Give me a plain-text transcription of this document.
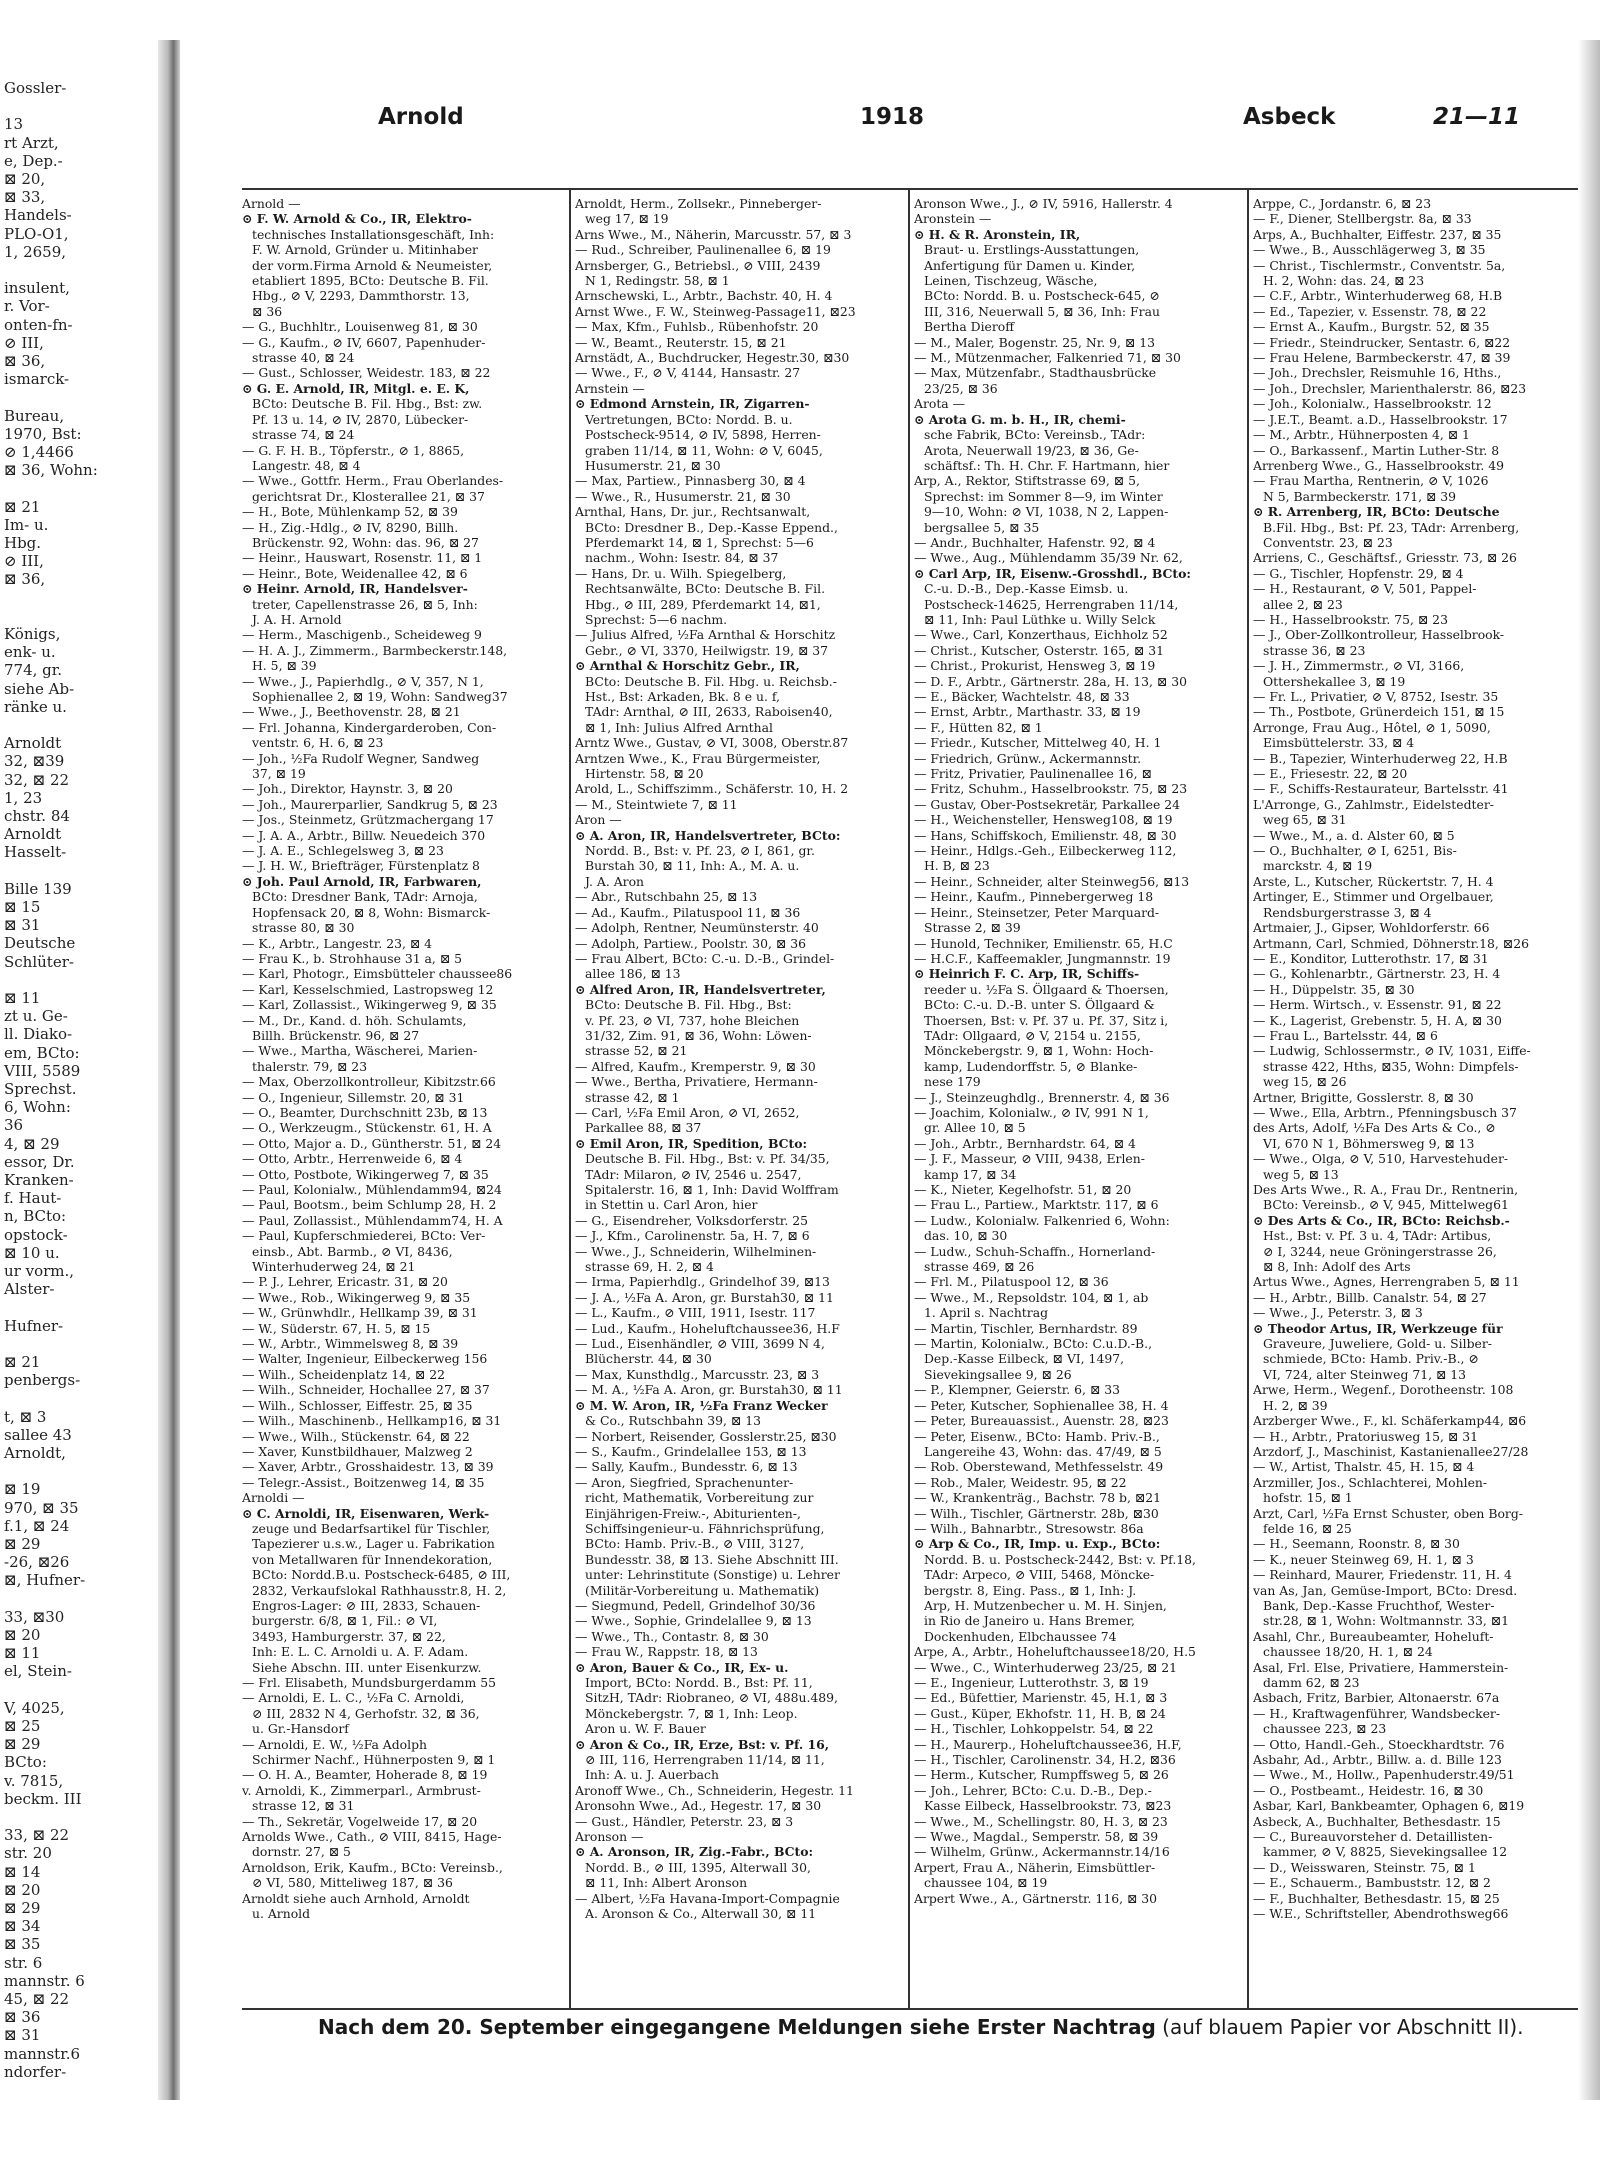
Gossler-
13
rt Arzt,
e, Dep.-
⊠ 20,
⊠ 33,
Handels-
PLO-O1,
1, 2659,
insulent,
r. Vor-
onten-fn-
⊘ III,
⊠ 36,
ismarck-
Bureau,
1970, Bst:
⊘ 1,4466
⊠ 36, Wohn:
⊠ 21
Im- u.
Hbg.
⊘ III,
⊠ 36,
Königs,
enk- u.
774, gr.
siehe Ab-
ränke u.
Arnoldt
32, ⊠39
32, ⊠ 22
1, 23
chstr. 84
Arnoldt
Hasselt-
Bille 139
⊠ 15
⊠ 31
Deutsche
Schlüter-
⊠ 11
zt u. Ge-
ll. Diako-
em, BCto:
VIII, 5589
Sprechst.
6, Wohn:
36
4, ⊠ 29
essor, Dr.
Kranken-
f. Haut-
n, BCto:
opstock-
⊠ 10 u.
ur vorm.,
Alster-
Hufner-
⊠ 21
penbergs-
t, ⊠ 3
sallee 43
Arnoldt,
⊠ 19
970, ⊠ 35
f.1, ⊠ 24
⊠ 29
-26, ⊠26
⊠, Hufner-
33, ⊠30
⊠ 20
⊠ 11
el, Stein-
V, 4025,
⊠ 25
⊠ 29
BCto:
v. 7815,
beckm. III
33, ⊠ 22
str. 20
⊠ 14
⊠ 20
⊠ 29
⊠ 34
⊠ 35
str. 6
mannstr. 6
45, ⊠ 22
⊠ 36
⊠ 31
mannstr.6
ndorfer-
Arnold	1918	Asbeck	21—11
Arnold —
⊙ F. W. Arnold & Co., IR, Elektro-
technisches Installationsgeschäft, Inh:
F. W. Arnold, Gründer u. Mitinhaber
der vorm.Firma Arnold & Neumeister,
etabliert 1895, BCto: Deutsche B. Fil.
Hbg., ⊘ V, 2293, Dammthorstr. 13,
⊠ 36
— G., Buchhltr., Louisenweg 81, ⊠ 30
— G., Kaufm., ⊘ IV, 6607, Papenhuder-
strasse 40, ⊠ 24
— Gust., Schlosser, Weidestr. 183, ⊠ 22
⊙ G. E. Arnold, IR, Mitgl. e. E. K,
BCto: Deutsche B. Fil. Hbg., Bst: zw.
Pf. 13 u. 14, ⊘ IV, 2870, Lübecker-
strasse 74, ⊠ 24
— G. F. H. B., Töpferstr., ⊘ 1, 8865,
Langestr. 48, ⊠ 4
— Wwe., Gottfr. Herm., Frau Oberlandes-
gerichtsrat Dr., Klosterallee 21, ⊠ 37
— H., Bote, Mühlenkamp 52, ⊠ 39
— H., Zig.-Hdlg., ⊘ IV, 8290, Billh.
Brückenstr. 92, Wohn: das. 96, ⊠ 27
— Heinr., Hauswart, Rosenstr. 11, ⊠ 1
— Heinr., Bote, Weidenallee 42, ⊠ 6
⊙ Heinr. Arnold, IR, Handelsver-
treter, Capellenstrasse 26, ⊠ 5, Inh:
J. A. H. Arnold
— Herm., Maschigenb., Scheideweg 9
— H. A. J., Zimmerm., Barmbeckerstr.148,
H. 5, ⊠ 39
— Wwe., J., Papierhdlg., ⊘ V, 357, N 1,
Sophienallee 2, ⊠ 19, Wohn: Sandweg37
— Wwe., J., Beethovenstr. 28, ⊠ 21
— Frl. Johanna, Kindergarderoben, Con-
ventstr. 6, H. 6, ⊠ 23
— Joh., ½Fa Rudolf Wegner, Sandweg
37, ⊠ 19
— Joh., Direktor, Haynstr. 3, ⊠ 20
— Joh., Maurerparlier, Sandkrug 5, ⊠ 23
— Jos., Steinmetz, Grützmachergang 17
— J. A. A., Arbtr., Billw. Neuedeich 370
— J. A. E., Schlegelsweg 3, ⊠ 23
— J. H. W., Briefträger, Fürstenplatz 8
⊙ Joh. Paul Arnold, IR, Farbwaren,
BCto: Dresdner Bank, TAdr: Arnoja,
Hopfensack 20, ⊠ 8, Wohn: Bismarck-
strasse 80, ⊠ 30
— K., Arbtr., Langestr. 23, ⊠ 4
— Frau K., b. Strohhause 31 a, ⊠ 5
— Karl, Photogr., Eimsbütteler chaussee86
— Karl, Kesselschmied, Lastropsweg 12
— Karl, Zollassist., Wikingerweg 9, ⊠ 35
— M., Dr., Kand. d. höh. Schulamts,
Billh. Brückenstr. 96, ⊠ 27
— Wwe., Martha, Wäscherei, Marien-
thalerstr. 79, ⊠ 23
— Max, Oberzollkontrolleur, Kibitzstr.66
— O., Ingenieur, Sillemstr. 20, ⊠ 31
— O., Beamter, Durchschnitt 23b, ⊠ 13
— O., Werkzeugm., Stückenstr. 61, H. A
— Otto, Major a. D., Güntherstr. 51, ⊠ 24
— Otto, Arbtr., Herrenweide 6, ⊠ 4
— Otto, Postbote, Wikingerweg 7, ⊠ 35
— Paul, Kolonialw., Mühlendamm94, ⊠24
— Paul, Bootsm., beim Schlump 28, H. 2
— Paul, Zollassist., Mühlendamm74, H. A
— Paul, Kupferschmiederei, BCto: Ver-
einsb., Abt. Barmb., ⊘ VI, 8436,
Winterhuderweg 24, ⊠ 21
— P. J., Lehrer, Ericastr. 31, ⊠ 20
— Wwe., Rob., Wikingerweg 9, ⊠ 35
— W., Grünwhdlr., Hellkamp 39, ⊠ 31
— W., Süderstr. 67, H. 5, ⊠ 15
— W., Arbtr., Wimmelsweg 8, ⊠ 39
— Walter, Ingenieur, Eilbeckerweg 156
— Wilh., Scheidenplatz 14, ⊠ 22
— Wilh., Schneider, Hochallee 27, ⊠ 37
— Wilh., Schlosser, Eiffestr. 25, ⊠ 35
— Wilh., Maschinenb., Hellkamp16, ⊠ 31
— Wwe., Wilh., Stückenstr. 64, ⊠ 22
— Xaver, Kunstbildhauer, Malzweg 2
— Xaver, Arbtr., Grosshaidestr. 13, ⊠ 39
— Telegr.-Assist., Boitzenweg 14, ⊠ 35
Arnoldi —
⊙ C. Arnoldi, IR, Eisenwaren, Werk-
zeuge und Bedarfsartikel für Tischler,
Tapezierer u.s.w., Lager u. Fabrikation
von Metallwaren für Innendekoration,
BCto: Nordd.B.u. Postscheck-6485, ⊘ III,
2832, Verkaufslokal Rathhausstr.8, H. 2,
Engros-Lager: ⊘ III, 2833, Schauen-
burgerstr. 6/8, ⊠ 1, Fil.: ⊘ VI,
3493, Hamburgerstr. 37, ⊠ 22,
Inh: E. L. C. Arnoldi u. A. F. Adam.
Siehe Abschn. III. unter Eisenkurzw.
— Frl. Elisabeth, Mundsburgerdamm 55
— Arnoldi, E. L. C., ½Fa C. Arnoldi,
⊘ III, 2832 N 4, Gerhofstr. 32, ⊠ 36,
u. Gr.-Hansdorf
— Arnoldi, E. W., ½Fa Adolph
Schirmer Nachf., Hühnerposten 9, ⊠ 1
— O. H. A., Beamter, Hoherade 8, ⊠ 19
v. Arnoldi, K., Zimmerparl., Armbrust-
strasse 12, ⊠ 31
— Th., Sekretär, Vogelweide 17, ⊠ 20
Arnolds Wwe., Cath., ⊘ VIII, 8415, Hage-
dornstr. 27, ⊠ 5
Arnoldson, Erik, Kaufm., BCto: Vereinsb.,
⊘ VI, 580, Mitteliweg 187, ⊠ 36
Arnoldt siehe auch Arnhold, Arnoldt
u. Arnold
Arnoldt, Herm., Zollsekr., Pinneberger-
weg 17, ⊠ 19
Arns Wwe., M., Näherin, Marcusstr. 57, ⊠ 3
— Rud., Schreiber, Paulinenallee 6, ⊠ 19
Arnsberger, G., Betriebsl., ⊘ VIII, 2439
N 1, Redingstr. 58, ⊠ 1
Arnschewski, L., Arbtr., Bachstr. 40, H. 4
Arnst Wwe., F. W., Steinweg-Passage11, ⊠23
— Max, Kfm., Fuhlsb., Rübenhofstr. 20
— W., Beamt., Reuterstr. 15, ⊠ 21
Arnstädt, A., Buchdrucker, Hegestr.30, ⊠30
— Wwe., F., ⊘ V, 4144, Hansastr. 27
Arnstein —
⊙ Edmond Arnstein, IR, Zigarren-
Vertretungen, BCto: Nordd. B. u.
Postscheck-9514, ⊘ IV, 5898, Herren-
graben 11/14, ⊠ 11, Wohn: ⊘ V, 6045,
Husumerstr. 21, ⊠ 30
— Max, Partiew., Pinnasberg 30, ⊠ 4
— Wwe., R., Husumerstr. 21, ⊠ 30
Arnthal, Hans, Dr. jur., Rechtsanwalt,
BCto: Dresdner B., Dep.-Kasse Eppend.,
Pferdemarkt 14, ⊠ 1, Sprechst: 5—6
nachm., Wohn: Isestr. 84, ⊠ 37
— Hans, Dr. u. Wilh. Spiegelberg,
Rechtsanwälte, BCto: Deutsche B. Fil.
Hbg., ⊘ III, 289, Pferdemarkt 14, ⊠1,
Sprechst: 5—6 nachm.
— Julius Alfred, ½Fa Arnthal & Horschitz
Gebr., ⊘ VI, 3370, Heilwigstr. 19, ⊠ 37
⊙ Arnthal & Horschitz Gebr., IR,
BCto: Deutsche B. Fil. Hbg. u. Reichsb.-
Hst., Bst: Arkaden, Bk. 8 e u. f,
TAdr: Arnthal, ⊘ III, 2633, Raboisen40,
⊠ 1, Inh: Julius Alfred Arnthal
Arntz Wwe., Gustav, ⊘ VI, 3008, Oberstr.87
Arntzen Wwe., K., Frau Bürgermeister,
Hirtenstr. 58, ⊠ 20
Arold, L., Schiffszimm., Schäferstr. 10, H. 2
— M., Steintwiete 7, ⊠ 11
Aron —
⊙ A. Aron, IR, Handelsvertreter, BCto:
Nordd. B., Bst: v. Pf. 23, ⊘ I, 861, gr.
Burstah 30, ⊠ 11, Inh: A., M. A. u.
J. A. Aron
— Abr., Rutschbahn 25, ⊠ 13
— Ad., Kaufm., Pilatuspool 11, ⊠ 36
— Adolph, Rentner, Neumünsterstr. 40
— Adolph, Partiew., Poolstr. 30, ⊠ 36
— Frau Albert, BCto: C.-u. D.-B., Grindel-
allee 186, ⊠ 13
⊙ Alfred Aron, IR, Handelsvertreter,
BCto: Deutsche B. Fil. Hbg., Bst:
v. Pf. 23, ⊘ VI, 737, hohe Bleichen
31/32, Zim. 91, ⊠ 36, Wohn: Löwen-
strasse 52, ⊠ 21
— Alfred, Kaufm., Kremperstr. 9, ⊠ 30
— Wwe., Bertha, Privatiere, Hermann-
strasse 42, ⊠ 1
— Carl, ½Fa Emil Aron, ⊘ VI, 2652,
Parkallee 88, ⊠ 37
⊙ Emil Aron, IR, Spedition, BCto:
Deutsche B. Fil. Hbg., Bst: v. Pf. 34/35,
TAdr: Milaron, ⊘ IV, 2546 u. 2547,
Spitalerstr. 16, ⊠ 1, Inh: David Wolffram
in Stettin u. Carl Aron, hier
— G., Eisendreher, Volksdorferstr. 25
— J., Kfm., Carolinenstr. 5a, H. 7, ⊠ 6
— Wwe., J., Schneiderin, Wilhelminen-
strasse 69, H. 2, ⊠ 4
— Irma, Papierhdlg., Grindelhof 39, ⊠13
— J. A., ½Fa A. Aron, gr. Burstah30, ⊠ 11
— L., Kaufm., ⊘ VIII, 1911, Isestr. 117
— Lud., Kaufm., Hoheluftchaussee36, H.F
— Lud., Eisenhändler, ⊘ VIII, 3699 N 4,
Blücherstr. 44, ⊠ 30
— Max, Kunsthdlg., Marcusstr. 23, ⊠ 3
— M. A., ½Fa A. Aron, gr. Burstah30, ⊠ 11
⊙ M. W. Aron, IR, ½Fa Franz Wecker
& Co., Rutschbahn 39, ⊠ 13
— Norbert, Reisender, Gosslerstr.25, ⊠30
— S., Kaufm., Grindelallee 153, ⊠ 13
— Sally, Kaufm., Bundesstr. 6, ⊠ 13
— Aron, Siegfried, Sprachenunter-
richt, Mathematik, Vorbereitung zur
Einjährigen-Freiw.-, Abiturienten-,
Schiffsingenieur-u. Fähnrichsprüfung,
BCto: Hamb. Priv.-B., ⊘ VIII, 3127,
Bundesstr. 38, ⊠ 13. Siehe Abschnitt III.
unter: Lehrinstitute (Sonstige) u. Lehrer
(Militär-Vorbereitung u. Mathematik)
— Siegmund, Pedell, Grindelhof 30/36
— Wwe., Sophie, Grindelallee 9, ⊠ 13
— Wwe., Th., Contastr. 8, ⊠ 30
— Frau W., Rappstr. 18, ⊠ 13
⊙ Aron, Bauer & Co., IR, Ex- u.
Import, BCto: Nordd. B., Bst: Pf. 11,
SitzH, TAdr: Riobraneo, ⊘ VI, 488u.489,
Mönckebergstr. 7, ⊠ 1, Inh: Leop.
Aron u. W. F. Bauer
⊙ Aron & Co., IR, Erze, Bst: v. Pf. 16,
⊘ III, 116, Herrengraben 11/14, ⊠ 11,
Inh: A. u. J. Auerbach
Aronoff Wwe., Ch., Schneiderin, Hegestr. 11
Aronsohn Wwe., Ad., Hegestr. 17, ⊠ 30
— Gust., Händler, Peterstr. 23, ⊠ 3
Aronson —
⊙ A. Aronson, IR, Zig.-Fabr., BCto:
Nordd. B., ⊘ III, 1395, Alterwall 30,
⊠ 11, Inh: Albert Aronson
— Albert, ½Fa Havana-Import-Compagnie
A. Aronson & Co., Alterwall 30, ⊠ 11
Aronson Wwe., J., ⊘ IV, 5916, Hallerstr. 4
Aronstein —
⊙ H. & R. Aronstein, IR,
Braut- u. Erstlings-Ausstattungen,
Anfertigung für Damen u. Kinder,
Leinen, Tischzeug, Wäsche,
BCto: Nordd. B. u. Postscheck-645, ⊘
III, 316, Neuerwall 5, ⊠ 36, Inh: Frau
Bertha Dieroff
— M., Maler, Bogenstr. 25, Nr. 9, ⊠ 13
— M., Mützenmacher, Falkenried 71, ⊠ 30
— Max, Mützenfabr., Stadthausbrücke
23/25, ⊠ 36
Arota —
⊙ Arota G. m. b. H., IR, chemi-
sche Fabrik, BCto: Vereinsb., TAdr:
Arota, Neuerwall 19/23, ⊠ 36, Ge-
schäftsf.: Th. H. Chr. F. Hartmann, hier
Arp, A., Rektor, Stiftstrasse 69, ⊠ 5,
Sprechst: im Sommer 8—9, im Winter
9—10, Wohn: ⊘ VI, 1038, N 2, Lappen-
bergsallee 5, ⊠ 35
— Andr., Buchhalter, Hafenstr. 92, ⊠ 4
— Wwe., Aug., Mühlendamm 35/39 Nr. 62,
⊙ Carl Arp, IR, Eisenw.-Grosshdl., BCto:
C.-u. D.-B., Dep.-Kasse Eimsb. u.
Postscheck-14625, Herrengraben 11/14,
⊠ 11, Inh: Paul Lüthke u. Willy Selck
— Wwe., Carl, Konzerthaus, Eichholz 52
— Christ., Kutscher, Osterstr. 165, ⊠ 31
— Christ., Prokurist, Hensweg 3, ⊠ 19
— D. F., Arbtr., Gärtnerstr. 28a, H. 13, ⊠ 30
— E., Bäcker, Wachtelstr. 48, ⊠ 33
— Ernst, Arbtr., Marthastr. 33, ⊠ 19
— F., Hütten 82, ⊠ 1
— Friedr., Kutscher, Mittelweg 40, H. 1
— Friedrich, Grünw., Ackermannstr.
— Fritz, Privatier, Paulinenallee 16, ⊠
— Fritz, Schuhm., Hasselbrookstr. 75, ⊠ 23
— Gustav, Ober-Postsekretär, Parkallee 24
— H., Weichensteller, Hensweg108, ⊠ 19
— Hans, Schiffskoch, Emilienstr. 48, ⊠ 30
— Heinr., Hdlgs.-Geh., Eilbeckerweg 112,
H. B, ⊠ 23
— Heinr., Schneider, alter Steinweg56, ⊠13
— Heinr., Kaufm., Pinnebergerweg 18
— Heinr., Steinsetzer, Peter Marquard-
Strasse 2, ⊠ 39
— Hunold, Techniker, Emilienstr. 65, H.C
— H.C.F., Kaffeemakler, Jungmannstr. 19
⊙ Heinrich F. C. Arp, IR, Schiffs-
reeder u. ½Fa S. Öllgaard & Thoersen,
BCto: C.-u. D.-B. unter S. Öllgaard &
Thoersen, Bst: v. Pf. 37 u. Pf. 37, Sitz i,
TAdr: Ollgaard, ⊘ V, 2154 u. 2155,
Mönckebergstr. 9, ⊠ 1, Wohn: Hoch-
kamp, Ludendorffstr. 5, ⊘ Blanke-
nese 179
— J., Steinzeughdlg., Brennerstr. 4, ⊠ 36
— Joachim, Kolonialw., ⊘ IV, 991 N 1,
gr. Allee 10, ⊠ 5
— Joh., Arbtr., Bernhardstr. 64, ⊠ 4
— J. F., Masseur, ⊘ VIII, 9438, Erlen-
kamp 17, ⊠ 34
— K., Nieter, Kegelhofstr. 51, ⊠ 20
— Frau L., Partiew., Marktstr. 117, ⊠ 6
— Ludw., Kolonialw. Falkenried 6, Wohn:
das. 10, ⊠ 30
— Ludw., Schuh-Schaffn., Hornerland-
strasse 469, ⊠ 26
— Frl. M., Pilatuspool 12, ⊠ 36
— Wwe., M., Repsoldstr. 104, ⊠ 1, ab
1. April s. Nachtrag
— Martin, Tischler, Bernhardstr. 89
— Martin, Kolonialw., BCto: C.u.D.-B.,
Dep.-Kasse Eilbeck, ⊠ VI, 1497,
Sievekingsallee 9, ⊠ 26
— P., Klempner, Geierstr. 6, ⊠ 33
— Peter, Kutscher, Sophienallee 38, H. 4
— Peter, Bureauassist., Auenstr. 28, ⊠23
— Peter, Eisenw., BCto: Hamb. Priv.-B.,
Langereihe 43, Wohn: das. 47/49, ⊠ 5
— Rob. Oberstewand, Methfesselstr. 49
— Rob., Maler, Weidestr. 95, ⊠ 22
— W., Krankenträg., Bachstr. 78 b, ⊠21
— Wilh., Tischler, Gärtnerstr. 28b, ⊠30
— Wilh., Bahnarbtr., Stresowstr. 86a
⊙ Arp & Co., IR, Imp. u. Exp., BCto:
Nordd. B. u. Postscheck-2442, Bst: v. Pf.18,
TAdr: Arpeco, ⊘ VIII, 5468, Möncke-
bergstr. 8, Eing. Pass., ⊠ 1, Inh: J.
Arp, H. Mutzenbecher u. M. H. Sinjen,
in Rio de Janeiro u. Hans Bremer,
Dockenhuden, Elbchaussee 74
Arpe, A., Arbtr., Hoheluftchaussee18/20, H.5
— Wwe., C., Winterhuderweg 23/25, ⊠ 21
— E., Ingenieur, Lutterothstr. 3, ⊠ 19
— Ed., Büfettier, Marienstr. 45, H.1, ⊠ 3
— Gust., Küper, Ekhofstr. 11, H. B, ⊠ 24
— H., Tischler, Lohkoppelstr. 54, ⊠ 22
— H., Maurerp., Hoheluftchaussee36, H.F,
— H., Tischler, Carolinenstr. 34, H.2, ⊠36
— Herm., Kutscher, Rumpffsweg 5, ⊠ 26
— Joh., Lehrer, BCto: C.u. D.-B., Dep.-
Kasse Eilbeck, Hasselbrookstr. 73, ⊠23
— Wwe., M., Schellingstr. 80, H. 3, ⊠ 23
— Wwe., Magdal., Semperstr. 58, ⊠ 39
— Wilhelm, Grünw., Ackermannstr.14/16
Arpert, Frau A., Näherin, Eimsbüttler-
chaussee 104, ⊠ 19
Arpert Wwe., A., Gärtnerstr. 116, ⊠ 30
Arppe, C., Jordanstr. 6, ⊠ 23
— F., Diener, Stellbergstr. 8a, ⊠ 33
Arps, A., Buchhalter, Eiffestr. 237, ⊠ 35
— Wwe., B., Ausschlägerweg 3, ⊠ 35
— Christ., Tischlermstr., Conventstr. 5a,
H. 2, Wohn: das. 24, ⊠ 23
— C.F., Arbtr., Winterhuderweg 68, H.B
— Ed., Tapezier, v. Essenstr. 78, ⊠ 22
— Ernst A., Kaufm., Burgstr. 52, ⊠ 35
— Friedr., Steindrucker, Sentastr. 6, ⊠22
— Frau Helene, Barmbeckerstr. 47, ⊠ 39
— Joh., Drechsler, Reismuhle 16, Hths.,
— Joh., Drechsler, Marienthalerstr. 86, ⊠23
— Joh., Kolonialw., Hasselbrookstr. 12
— J.E.T., Beamt. a.D., Hasselbrookstr. 17
— M., Arbtr., Hühnerposten 4, ⊠ 1
— O., Barkassenf., Martin Luther-Str. 8
Arrenberg Wwe., G., Hasselbrookstr. 49
— Frau Martha, Rentnerin, ⊘ V, 1026
N 5, Barmbeckerstr. 171, ⊠ 39
⊙ R. Arrenberg, IR, BCto: Deutsche
B.Fil. Hbg., Bst: Pf. 23, TAdr: Arrenberg,
Conventstr. 23, ⊠ 23
Arriens, C., Geschäftsf., Griesstr. 73, ⊠ 26
— G., Tischler, Hopfenstr. 29, ⊠ 4
— H., Restaurant, ⊘ V, 501, Pappel-
allee 2, ⊠ 23
— H., Hasselbrookstr. 75, ⊠ 23
— J., Ober-Zollkontrolleur, Hasselbrook-
strasse 36, ⊠ 23
— J. H., Zimmermstr., ⊘ VI, 3166,
Ottershekallee 3, ⊠ 19
— Fr. L., Privatier, ⊘ V, 8752, Isestr. 35
— Th., Postbote, Grünerdeich 151, ⊠ 15
Arronge, Frau Aug., Hôtel, ⊘ 1, 5090,
Eimsbüttelerstr. 33, ⊠ 4
— B., Tapezier, Winterhuderweg 22, H.B
— E., Friesestr. 22, ⊠ 20
— F., Schiffs-Restaurateur, Bartelsstr. 41
L'Arronge, G., Zahlmstr., Eidelstedter-
weg 65, ⊠ 31
— Wwe., M., a. d. Alster 60, ⊠ 5
— O., Buchhalter, ⊘ I, 6251, Bis-
marckstr. 4, ⊠ 19
Arste, L., Kutscher, Rückertstr. 7, H. 4
Artinger, E., Stimmer und Orgelbauer,
Rendsburgerstrasse 3, ⊠ 4
Artmaier, J., Gipser, Wohldorferstr. 66
Artmann, Carl, Schmied, Döhnerstr.18, ⊠26
— E., Konditor, Lutterothstr. 17, ⊠ 31
— G., Kohlenarbtr., Gärtnerstr. 23, H. 4
— H., Düppelstr. 35, ⊠ 30
— Herm. Wirtsch., v. Essenstr. 91, ⊠ 22
— K., Lagerist, Grebenstr. 5, H. A, ⊠ 30
— Frau L., Bartelsstr. 44, ⊠ 6
— Ludwig, Schlossermstr., ⊘ IV, 1031, Eiffe-
strasse 422, Hths, ⊠35, Wohn: Dimpfels-
weg 15, ⊠ 26
Artner, Brigitte, Gosslerstr. 8, ⊠ 30
— Wwe., Ella, Arbtrn., Pfenningsbusch 37
des Arts, Adolf, ½Fa Des Arts & Co., ⊘
VI, 670 N 1, Böhmersweg 9, ⊠ 13
— Wwe., Olga, ⊘ V, 510, Harvestehuder-
weg 5, ⊠ 13
Des Arts Wwe., R. A., Frau Dr., Rentnerin,
BCto: Vereinsb., ⊘ V, 945, Mittelweg61
⊙ Des Arts & Co., IR, BCto: Reichsb.-
Hst., Bst: v. Pf. 3 u. 4, TAdr: Artibus,
⊘ I, 3244, neue Gröningerstrasse 26,
⊠ 8, Inh: Adolf des Arts
Artus Wwe., Agnes, Herrengraben 5, ⊠ 11
— H., Arbtr., Billb. Canalstr. 54, ⊠ 27
— Wwe., J., Peterstr. 3, ⊠ 3
⊙ Theodor Artus, IR, Werkzeuge für
Graveure, Juweliere, Gold- u. Silber-
schmiede, BCto: Hamb. Priv.-B., ⊘
VI, 724, alter Steinweg 71, ⊠ 13
Arwe, Herm., Wegenf., Dorotheenstr. 108
H. 2, ⊠ 39
Arzberger Wwe., F., kl. Schäferkamp44, ⊠6
— H., Arbtr., Pratoriusweg 15, ⊠ 31
Arzdorf, J., Maschinist, Kastanienallee27/28
— W., Artist, Thalstr. 45, H. 15, ⊠ 4
Arzmiller, Jos., Schlachterei, Mohlen-
hofstr. 15, ⊠ 1
Arzt, Carl, ½Fa Ernst Schuster, oben Borg-
felde 16, ⊠ 25
— H., Seemann, Roonstr. 8, ⊠ 30
— K., neuer Steinweg 69, H. 1, ⊠ 3
— Reinhard, Maurer, Friedenstr. 11, H. 4
van As, Jan, Gemüse-Import, BCto: Dresd.
Bank, Dep.-Kasse Fruchthof, Wester-
str.28, ⊠ 1, Wohn: Woltmannstr. 33, ⊠1
Asahl, Chr., Bureaubeamter, Hoheluft-
chaussee 18/20, H. 1, ⊠ 24
Asal, Frl. Else, Privatiere, Hammerstein-
damm 62, ⊠ 23
Asbach, Fritz, Barbier, Altonaerstr. 67a
— H., Kraftwagenführer, Wandsbecker-
chaussee 223, ⊠ 23
— Otto, Handl.-Geh., Stoeckhardtstr. 76
Asbahr, Ad., Arbtr., Billw. a. d. Bille 123
— Wwe., M., Hollw., Papenhuderstr.49/51
— O., Postbeamt., Heidestr. 16, ⊠ 30
Asbar, Karl, Bankbeamter, Ophagen 6, ⊠19
Asbeck, A., Buchhalter, Bethesdastr. 15
— C., Bureauvorsteher d. Detaillisten-
kammer, ⊘ V, 8825, Sievekingsallee 12
— D., Weisswaren, Steinstr. 75, ⊠ 1
— E., Schauerm., Bambuststr. 12, ⊠ 2
— F., Buchhalter, Bethesdastr. 15, ⊠ 25
— W.E., Schriftsteller, Abendrothsweg66
Nach dem 20. September eingegangene Meldungen siehe Erster Nachtrag (auf blauem Papier vor Abschnitt II).
